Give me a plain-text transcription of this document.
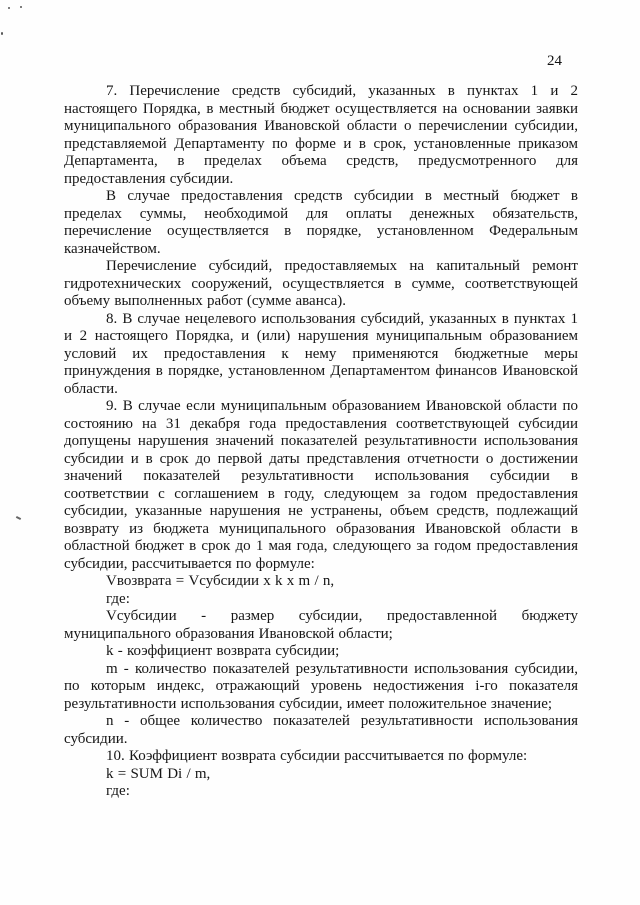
24

7. Перечисление средств субсидий, указанных в пунктах 1 и 2 настоящего Порядка, в местный бюджет осуществляется на основании заявки муниципального образования Ивановской области о перечислении субсидии, представляемой Департаменту по форме и в срок, установленные приказом Департамента, в пределах объема средств, предусмотренного для предоставления субсидии.

В случае предоставления средств субсидии в местный бюджет в пределах суммы, необходимой для оплаты денежных обязательств, перечисление осуществляется в порядке, установленном Федеральным казначейством.

Перечисление субсидий, предоставляемых на капитальный ремонт гидротехнических сооружений, осуществляется в сумме, соответствующей объему выполненных работ (сумме аванса).

8. В случае нецелевого использования субсидий, указанных в пунктах 1 и 2 настоящего Порядка, и (или) нарушения муниципальным образованием условий их предоставления к нему применяются бюджетные меры принуждения в порядке, установленном Департаментом финансов Ивановской области.

9. В случае если муниципальным образованием Ивановской области по состоянию на 31 декабря года предоставления соответствующей субсидии допущены нарушения значений показателей результативности использования субсидии и в срок до первой даты представления отчетности о достижении значений показателей результативности использования субсидии в соответствии с соглашением в году, следующем за годом предоставления субсидии, указанные нарушения не устранены, объем средств, подлежащий возврату из бюджета муниципального образования Ивановской области в областной бюджет в срок до 1 мая года, следующего за годом предоставления субсидии, рассчитывается по формуле:

Vвозврата = Vсубсидии x k x m / n,

где:

Vсубсидии - размер субсидии, предоставленной бюджету муниципального образования Ивановской области;

k - коэффициент возврата субсидии;

m - количество показателей результативности использования субсидии, по которым индекс, отражающий уровень недостижения i-го показателя результативности использования субсидии, имеет положительное значение;

n - общее количество показателей результативности использования субсидии.

10. Коэффициент возврата субсидии рассчитывается по формуле:

k = SUM Di / m,

где:
